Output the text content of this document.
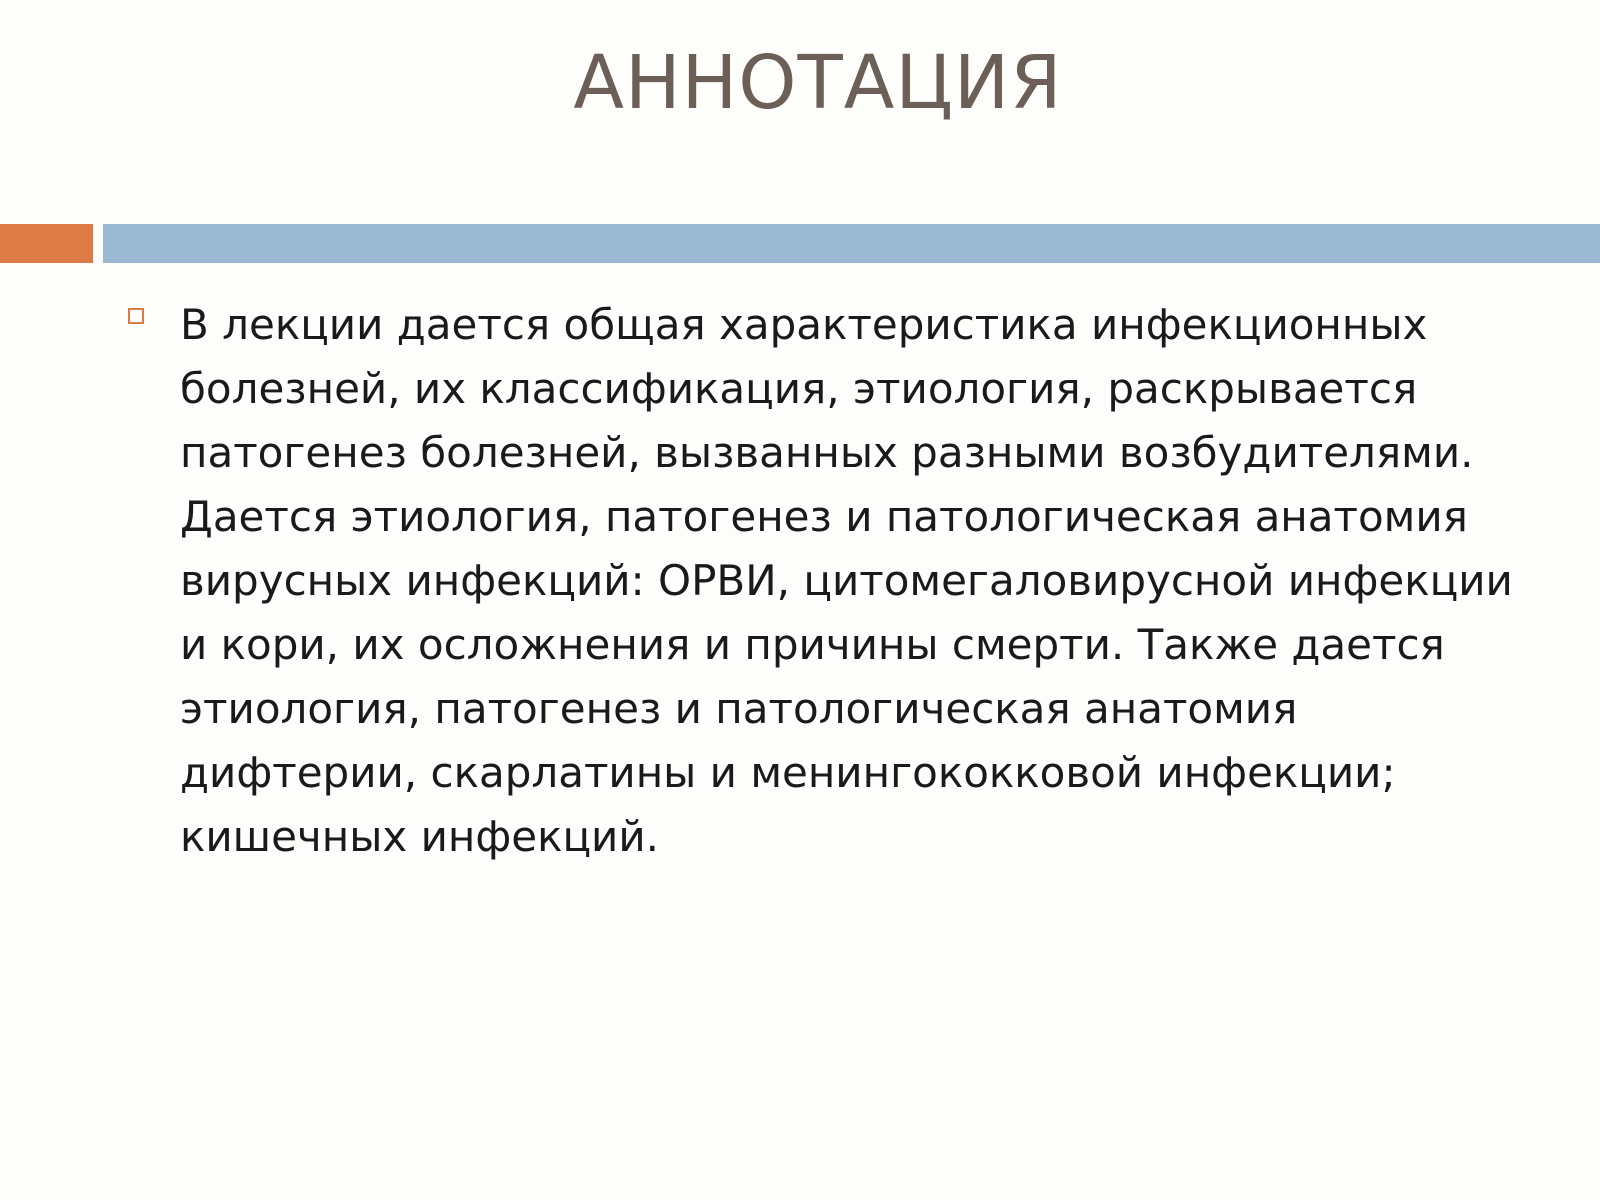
АННОТАЦИЯ
В лекции дается общая характеристика инфекционных болезней, их классификация, этиология, раскрывается патогенез болезней, вызванных разными возбудителями. Дается этиология, патогенез и патологическая анатомия вирусных инфекций: ОРВИ, цитомегаловирусной инфекции и кори, их осложнения и причины смерти. Также дается этиология, патогенез и патологическая анатомия дифтерии, скарлатины и менингококковой инфекции; кишечных инфекций.
